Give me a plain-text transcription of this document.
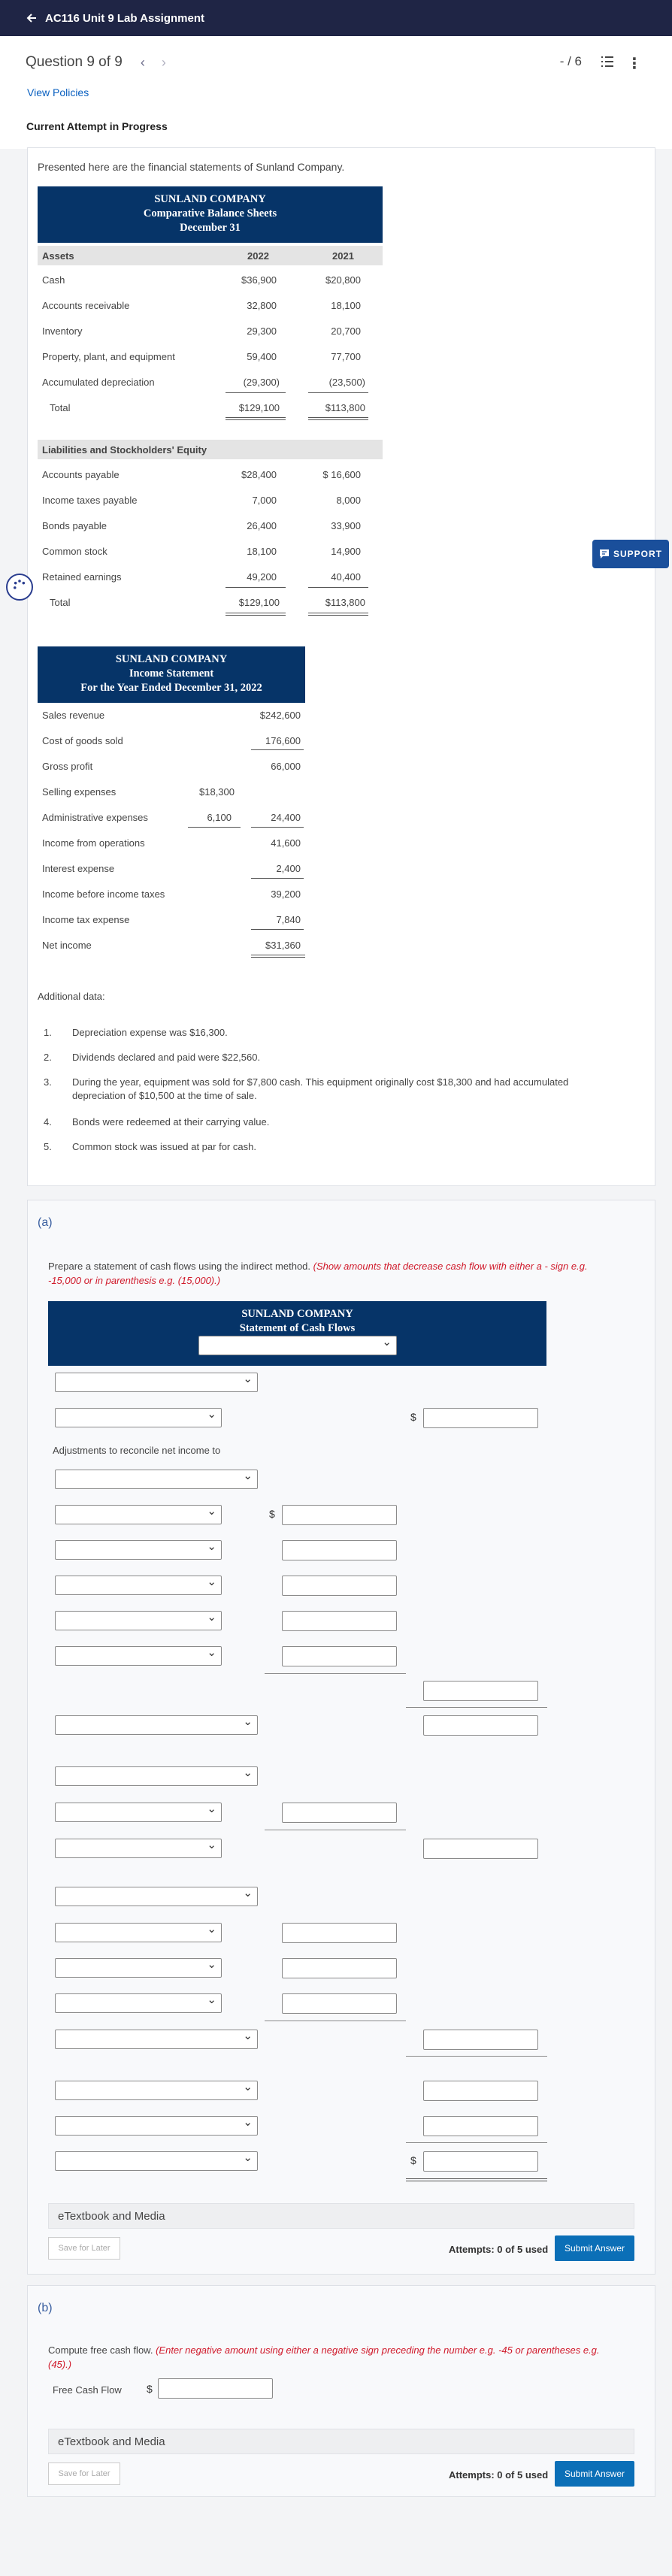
AC116 Unit 9 Lab Assignment
Question 9 of 9 ‹ ›	- / 6	⋮
View Policies
Current Attempt in Progress
Presented here are the financial statements of Sunland Company.
SUNLAND COMPANY
Comparative Balance Sheets
December 31
Assets	2022	2021
Cash	$36,900	$20,800
Accounts receivable	32,800	18,100
Inventory	29,300	20,700
Property, plant, and equipment	59,400	77,700
Accumulated depreciation	(29,300)	(23,500)
Total	$129,100	$113,800
Liabilities and Stockholders' Equity
Accounts payable	$28,400	$ 16,600
Income taxes payable	7,000	8,000
Bonds payable	26,400	33,900
Common stock	18,100	14,900
Retained earnings	49,200	40,400
Total	$129,100	$113,800
SUNLAND COMPANY
Income Statement
For the Year Ended December 31, 2022
Sales revenue	$242,600
Cost of goods sold	176,600
Gross profit	66,000
Selling expenses	$18,300
Administrative expenses	6,100	24,400
Income from operations	41,600
Interest expense	2,400
Income before income taxes	39,200
Income tax expense	7,840
Net income	$31,360
Additional data:
1. Depreciation expense was $16,300.
2. Dividends declared and paid were $22,560.
3. During the year, equipment was sold for $7,800 cash. This equipment originally cost $18,300 and had accumulated
depreciation of $10,500 at the time of sale.
4. Bonds were redeemed at their carrying value.
5. Common stock was issued at par for cash.
(a)
Prepare a statement of cash flows using the indirect method. (Show amounts that decrease cash flow with either a - sign e.g. -15,000 or in parenthesis e.g. (15,000).)
SUNLAND COMPANY
Statement of Cash Flows
⌄
⌄
⌄
$
Adjustments to reconcile net income to
⌄
⌄
$
⌄
⌄
⌄
⌄
⌄
⌄
⌄
⌄
⌄
⌄
⌄
⌄
⌄
⌄
⌄
⌄
$
eTextbook and Media
Save for Later	Attempts: 0 of 5 used	Submit Answer
(b)
Compute free cash flow. (Enter negative amount using either a negative sign preceding the number e.g. -45 or parentheses e.g. (45).)
Free Cash Flow $
eTextbook and Media
Save for Later	Attempts: 0 of 5 used	Submit Answer
SUPPORT
